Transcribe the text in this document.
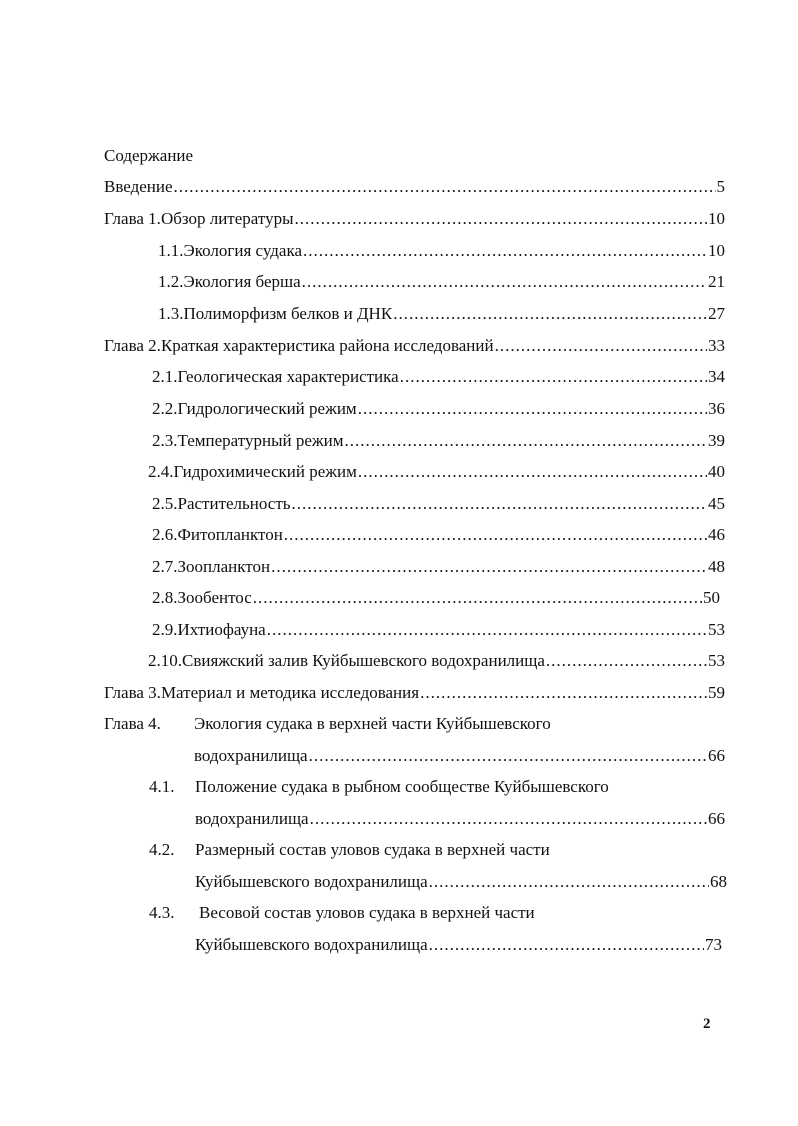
Содержание
Введение .....	5
Глава 1. Обзор литературы .....	10
1.1. Экология судака .....	10
1.2. Экология берша .....	21
1.3. Полиморфизм белков и ДНК .....	27
Глава 2. Краткая характеристика района исследований .....	33
2.1. Геологическая характеристика .....	34
2.2. Гидрологический режим .....	36
2.3. Температурный режим .....	39
2.4. Гидрохимический режим .....	40
2.5. Растительность .....	45
2.6. Фитопланктон .....	46
2.7. Зоопланктон .....	48
2.8. Зообентос .....	50
2.9. Ихтиофауна .....	53
2.10. Свияжский залив Куйбышевского водохранилища .....	53
Глава 3. Материал и методика исследования .....	59
Глава 4. Экология судака в верхней части Куйбышевского
водохранилища .....	66
4.1. Положение судака в рыбном сообществе Куйбышевского
водохранилища .....	66
4.2. Размерный состав уловов судака в верхней части
Куйбышевского водохранилища .....	68
4.3. Весовой состав уловов судака в верхней части
Куйбышевского водохранилища .....	73
2
